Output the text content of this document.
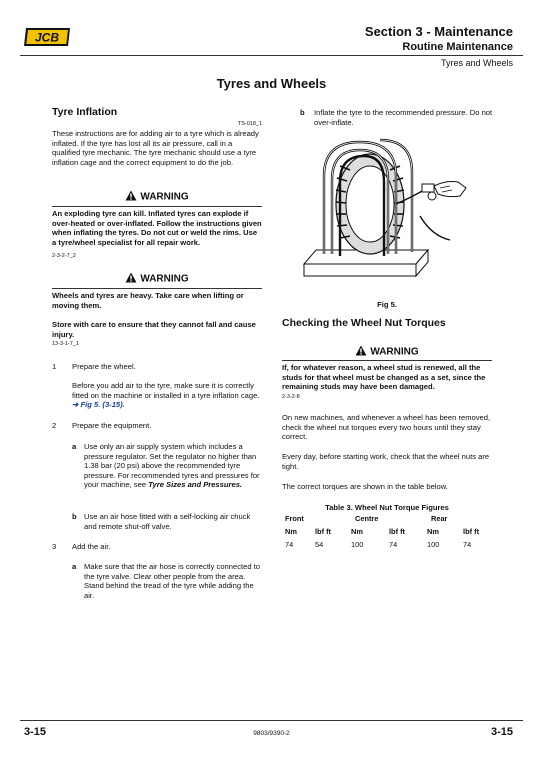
JCB	Section 3 - Maintenance
Routine Maintenance
Tyres and Wheels
Tyres and Wheels
Tyre Inflation
TS-018_1
These instructions are for adding air to a tyre which is already inflated. If the tyre has lost all its air pressure, call in a qualified tyre mechanic. The tyre mechanic should use a tyre inflation cage and the correct equipment to do the job.
WARNING
An exploding tyre can kill. Inflated tyres can explode if over-heated or over-inflated. Follow the instructions given when inflating the tyres. Do not cut or weld the rims. Use a tyre/wheel specialist for all repair work.
2-3-2-7_2
WARNING
Wheels and tyres are heavy. Take care when lifting or moving them.
Store with care to ensure that they cannot fall and cause injury.
13-3-1-7_1
1 Prepare the wheel.
Before you add air to the tyre, make sure it is correctly fitted on the machine or installed in a tyre inflation cage. ➔ Fig 5. (3-15).
2 Prepare the equipment.
a Use only an air supply system which includes a pressure regulator. Set the regulator no higher than 1.38 bar (20 psi) above the recommended tyre pressure. For recommended tyres and pressures for your machine, see Tyre Sizes and Pressures.
b Use an air hose fitted with a self-locking air chuck and remote shut-off valve.
3 Add the air.
a Make sure that the air hose is correctly connected to the tyre valve. Clear other people from the area. Stand behind the tread of the tyre while adding the air.
b Inflate the tyre to the recommended pressure. Do not over-inflate.
Fig 5.
Checking the Wheel Nut Torques
WARNING
If, for whatever reason, a wheel stud is renewed, all the studs for that wheel must be changed as a set, since the remaining studs may have been damaged.
2-3-2-8
On new machines, and whenever a wheel has been removed, check the wheel nut torques every two hours until they stay correct.
Every day, before starting work, check that the wheel nuts are tight.
The correct torques are shown in the table below.
Table 3. Wheel Nut Torque Figures
Front		Centre		Rear	
Nm	lbf ft	Nm	lbf ft	Nm	lbf ft
74	54	100	74	100	74
3-15	9803/9390-2	3-15
